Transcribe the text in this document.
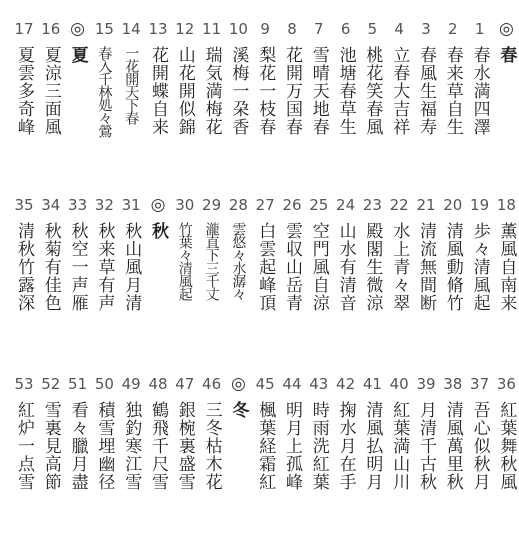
17
夏雲多奇峰
16
夏涼三面風
◎
夏
15
春入千林処々鶯
14
一花開天下春
13
花開蝶自来
12
山花開似錦
11
瑞気満梅花
10
溪梅一朶香
9
梨花一枝春
8
花開万国春
7
雪晴天地春
6
池塘春草生
5
桃花笑春風
4
立春大吉祥
3
春風生福寿
2
春来草自生
1
春水満四澤
◎
春
35
清秋竹露深
34
秋菊有佳色
33
秋空一声雁
32
秋来草有声
31
秋山風月清
◎
秋
30
竹葉々清風起
29
瀧直下三千丈
28
雲悠々水潺々
27
白雲起峰頂
26
雲収山岳青
25
空門風自涼
24
山水有清音
23
殿閣生微涼
22
水上青々翠
21
清流無間断
20
清風動脩竹
19
歩々清風起
18
薫風自南来
53
紅炉一点雪
52
雪裏見高節
51
看々臘月盡
50
積雪埋幽径
49
独釣寒江雪
48
鶴飛千尺雪
47
銀椀裏盛雪
46
三冬枯木花
◎
冬
45
楓葉経霜紅
44
明月上孤峰
43
時雨洗紅葉
42
掬水月在手
41
清風払明月
40
紅葉満山川
39
月清千古秋
38
清風萬里秋
37
吾心似秋月
36
紅葉舞秋風
